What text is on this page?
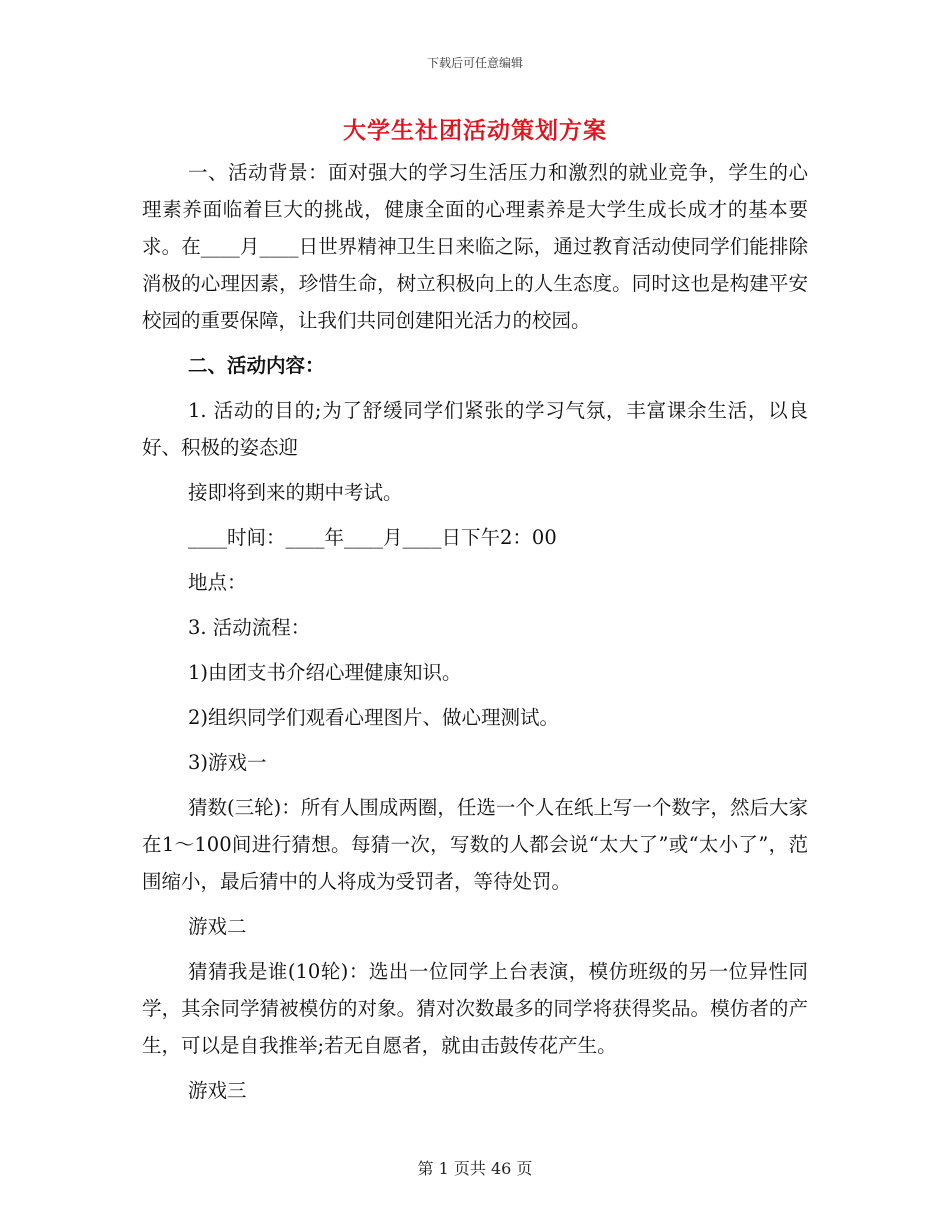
下载后可任意编辑
大学生社团活动策划方案

一、活动背景：面对强大的学习生活压力和激烈的就业竞争，学生的心理素养面临着巨大的挑战，健康全面的心理素养是大学生成长成才的基本要求。在____月____日世界精神卫生日来临之际，通过教育活动使同学们能排除消极的心理因素，珍惜生命，树立积极向上的人生态度。同时这也是构建平安校园的重要保障，让我们共同创建阳光活力的校园。

二、活动内容：

1. 活动的目的;为了舒缓同学们紧张的学习气氛，丰富课余生活，以良好、积极的姿态迎

接即将到来的期中考试。

____时间：____年____月____日下午2：00

地点：

3. 活动流程：

1)由团支书介绍心理健康知识。

2)组织同学们观看心理图片、做心理测试。

3)游戏一

猜数(三轮)：所有人围成两圈，任选一个人在纸上写一个数字，然后大家在1～100间进行猜想。每猜一次，写数的人都会说“太大了”或“太小了”，范围缩小，最后猜中的人将成为受罚者，等待处罚。

游戏二

猜猜我是谁(10轮)：选出一位同学上台表演，模仿班级的另一位异性同学，其余同学猜被模仿的对象。猜对次数最多的同学将获得奖品。模仿者的产生，可以是自我推举;若无自愿者，就由击鼓传花产生。

游戏三

第 1 页共 46 页
